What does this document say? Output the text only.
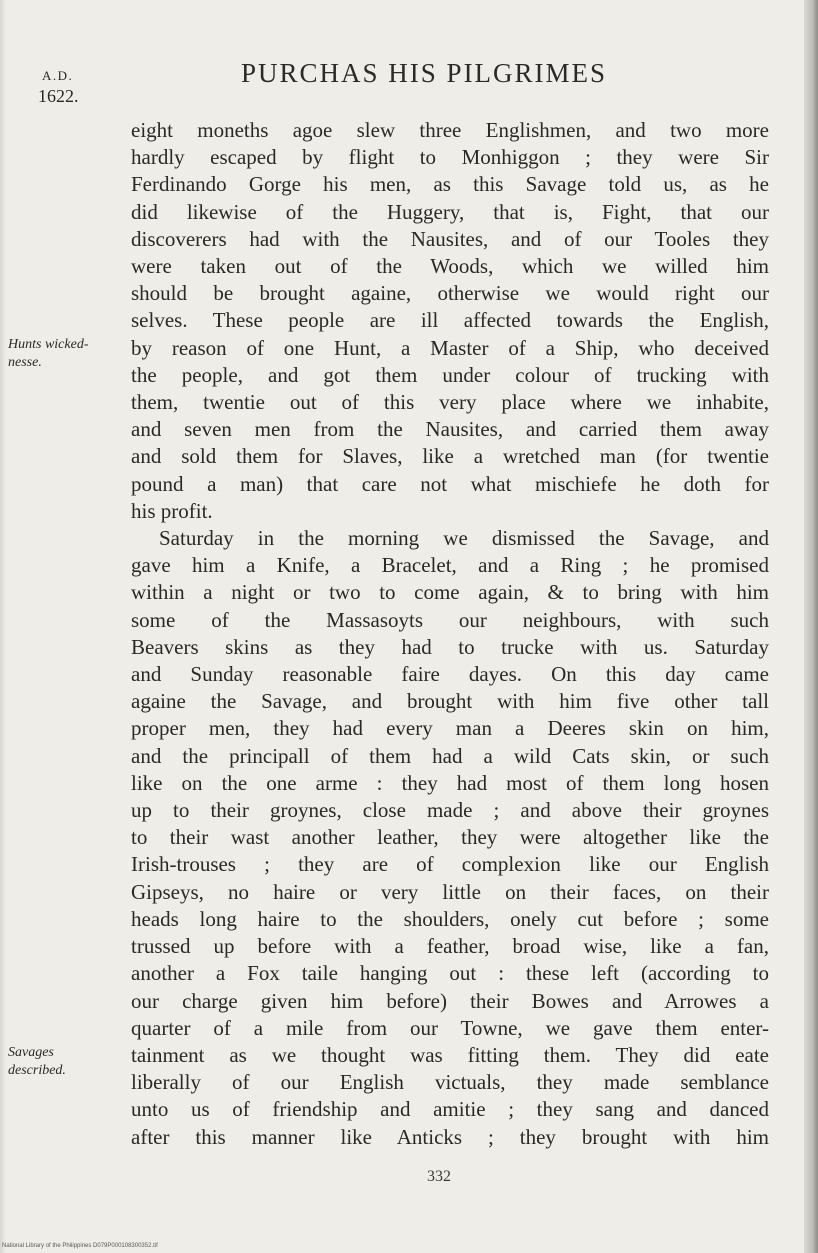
A.D.
1622.
PURCHAS HIS PILGRIMES
eight moneths agoe slew three Englishmen, and two more
hardly escaped by flight to Monhiggon ; they were Sir
Ferdinando Gorge his men, as this Savage told us, as he
did likewise of the Huggery, that is, Fight, that our
discoverers had with the Nausites, and of our Tooles they
were taken out of the Woods, which we willed him
should be brought againe, otherwise we would right our
selves. These people are ill affected towards the English,
by reason of one Hunt, a Master of a Ship, who deceived
the people, and got them under colour of trucking with
them, twentie out of this very place where we inhabite,
and seven men from the Nausites, and carried them away
and sold them for Slaves, like a wretched man (for twentie
pound a man) that care not what mischiefe he doth for
his profit.
Saturday in the morning we dismissed the Savage, and
gave him a Knife, a Bracelet, and a Ring ; he promised
within a night or two to come again, & to bring with him
some of the Massasoyts our neighbours, with such
Beavers skins as they had to trucke with us. Saturday
and Sunday reasonable faire dayes. On this day came
againe the Savage, and brought with him five other tall
proper men, they had every man a Deeres skin on him,
and the principall of them had a wild Cats skin, or such
like on the one arme : they had most of them long hosen
up to their groynes, close made ; and above their groynes
to their wast another leather, they were altogether like the
Irish-trouses ; they are of complexion like our English
Gipseys, no haire or very little on their faces, on their
heads long haire to the shoulders, onely cut before ; some
trussed up before with a feather, broad wise, like a fan,
another a Fox taile hanging out : these left (according to
our charge given him before) their Bowes and Arrowes a
quarter of a mile from our Towne, we gave them enter-
tainment as we thought was fitting them. They did eate
liberally of our English victuals, they made semblance
unto us of friendship and amitie ; they sang and danced
after this manner like Anticks ; they brought with him
Hunts wicked-
nesse.
Savages
described.
332
National Library of the Philippines D079P000108300352.tif
